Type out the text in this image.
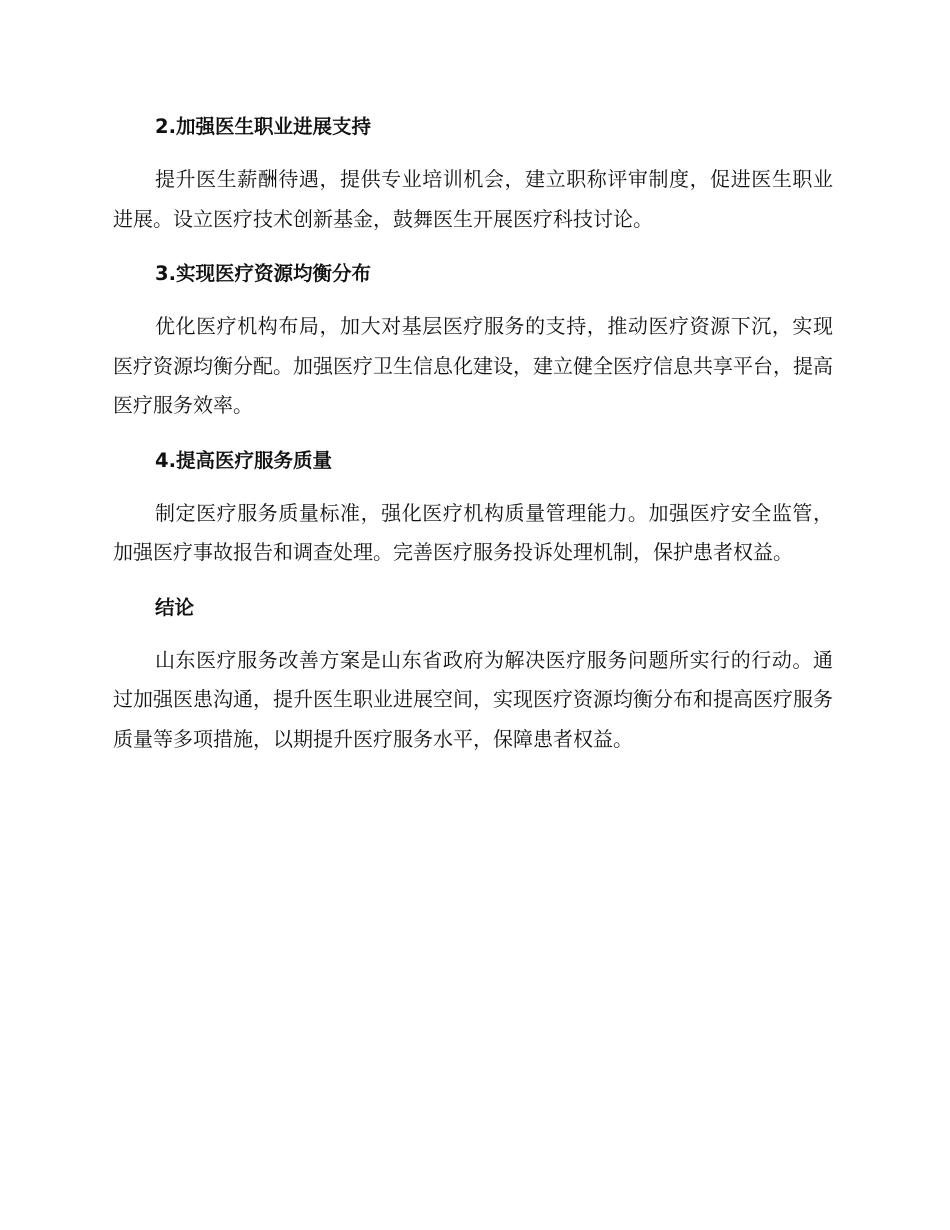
2.加强医生职业进展支持

提升医生薪酬待遇，提供专业培训机会，建立职称评审制度，促进医生职业进展。设立医疗技术创新基金，鼓舞医生开展医疗科技讨论。

3.实现医疗资源均衡分布

优化医疗机构布局，加大对基层医疗服务的支持，推动医疗资源下沉，实现医疗资源均衡分配。加强医疗卫生信息化建设，建立健全医疗信息共享平台，提高医疗服务效率。

4.提高医疗服务质量

制定医疗服务质量标准，强化医疗机构质量管理能力。加强医疗安全监管，加强医疗事故报告和调查处理。完善医疗服务投诉处理机制，保护患者权益。

结论

山东医疗服务改善方案是山东省政府为解决医疗服务问题所实行的行动。通过加强医患沟通，提升医生职业进展空间，实现医疗资源均衡分布和提高医疗服务质量等多项措施，以期提升医疗服务水平，保障患者权益。
